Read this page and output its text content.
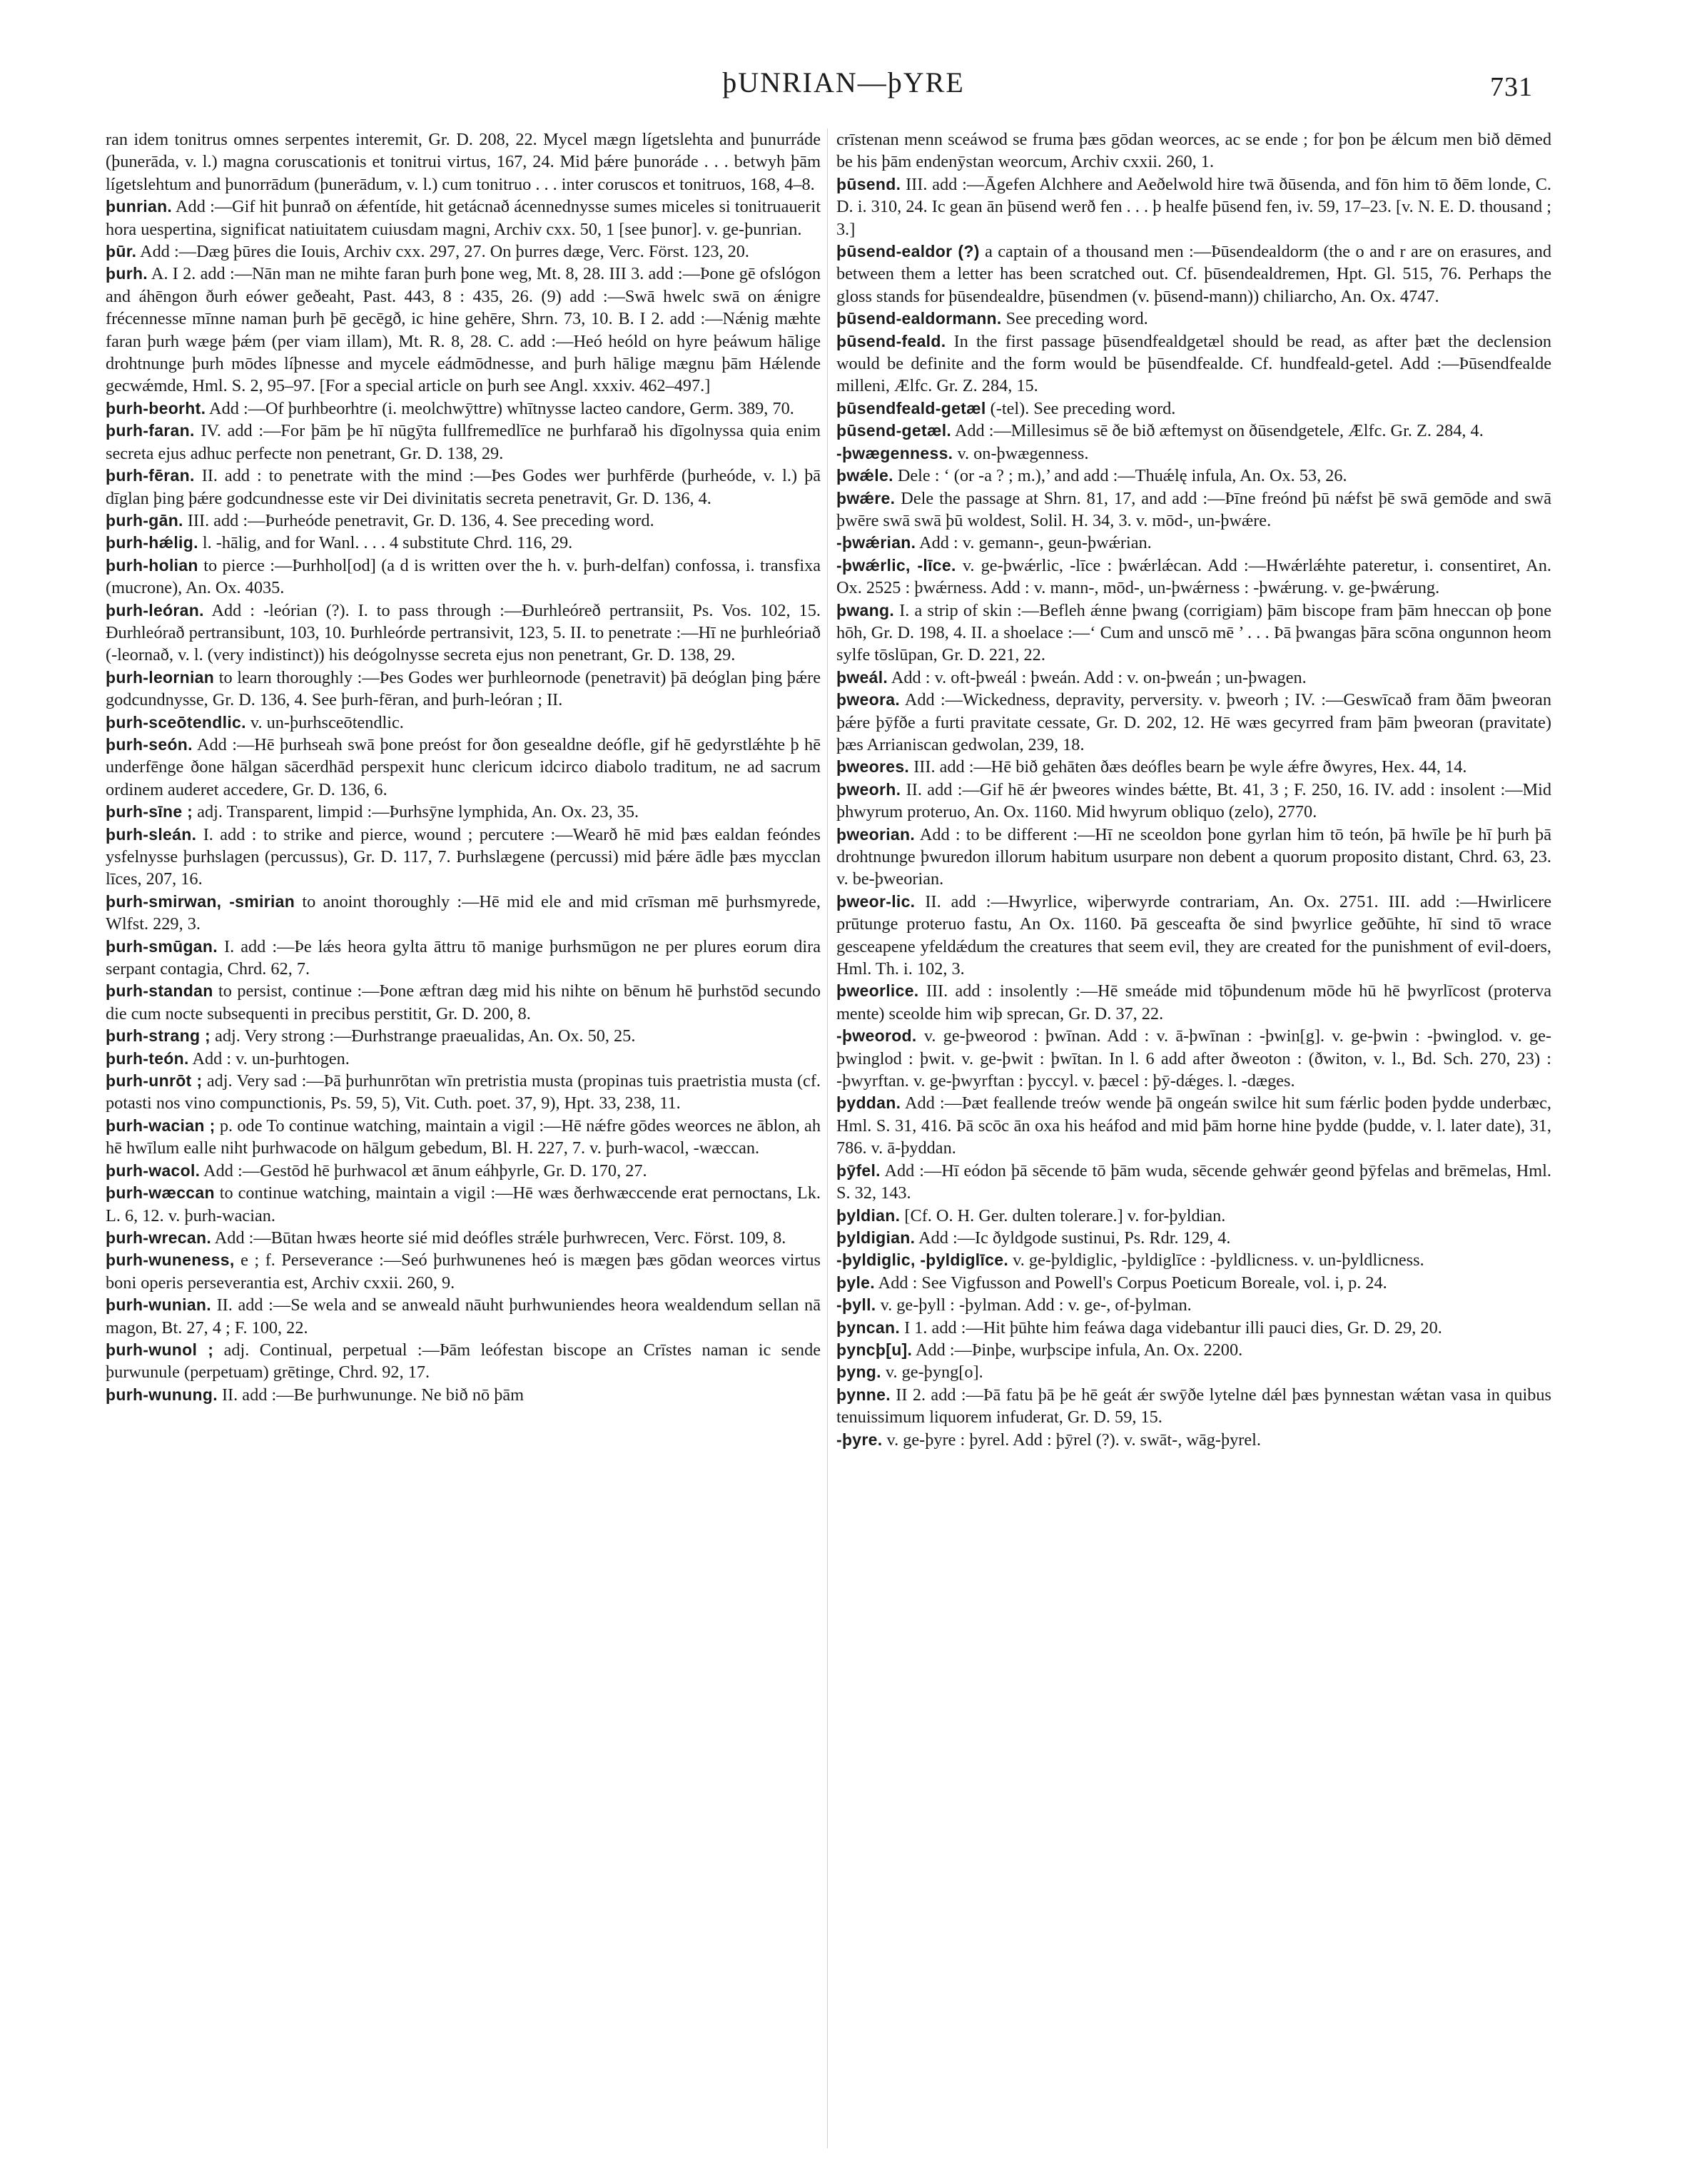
þUNRIAN—þYRE	731

ran idem tonitrus omnes serpentes interemit, Gr. D. 208, 22. Mycel mægn lígetslehta and þunurráde (þunerāda, v. l.) magna coruscationis et tonitrui virtus, 167, 24. Mid þǽre þunoráde . . . betwyh þām lígetslehtum and þunorrādum (þunerādum, v. l.) cum tonitruo . . . inter coruscos et tonitruos, 168, 4–8.

þunrian. Add :—Gif hit þunrað on ǽfentíde, hit getácnað ácennednysse sumes miceles si tonitruauerit hora uespertina, significat natiuitatem cuiusdam magni, Archiv cxx. 50, 1 [see þunor]. v. ge-þunrian.

þūr. Add :—Dæg þūres die Iouis, Archiv cxx. 297, 27. On þurres dæge, Verc. Först. 123, 20.

þurh. A. I 2. add :—Nān man ne mihte faran þurh þone weg, Mt. 8, 28. III 3. add :—Þone gē ofslógon and áhēngon ðurh eówer geðeaht, Past. 443, 8 : 435, 26. (9) add :—Swā hwelc swā on ǽnigre frécennesse mīnne naman þurh þē gecēgð, ic hine gehēre, Shrn. 73, 10. B. I 2. add :—Nǽnig mæhte faran þurh wæge þǽm (per viam illam), Mt. R. 8, 28. C. add :—Heó heóld on hyre þeáwum hālige drohtnunge þurh mōdes líþnesse and mycele eádmōdnesse, and þurh hālige mægnu þām Hǽlende gecwǽmde, Hml. S. 2, 95–97. [For a special article on þurh see Angl. xxxiv. 462–497.]

þurh-beorht. Add :—Of þurhbeorhtre (i. meolchwȳttre) whītnysse lacteo candore, Germ. 389, 70.

þurh-faran. IV. add :—For þām þe hī nūgȳta fullfremedlīce ne þurhfarað his dīgolnyssa quia enim secreta ejus adhuc perfecte non penetrant, Gr. D. 138, 29.

þurh-fēran. II. add : to penetrate with the mind :—Þes Godes wer þurhfērde (þurheóde, v. l.) þā dīglan þing þǽre godcundnesse este vir Dei divinitatis secreta penetravit, Gr. D. 136, 4.

þurh-gān. III. add :—Þurheóde penetravit, Gr. D. 136, 4. See preceding word.

þurh-hǽlig. l. -hālig, and for Wanl. . . . 4 substitute Chrd. 116, 29.

þurh-holian to pierce :—Þurhhol[od] (a d is written over the h. v. þurh-delfan) confossa, i. transfixa (mucrone), An. Ox. 4035.

þurh-leóran. Add : -leórian (?). I. to pass through :—Ðurhleóreð pertransiit, Ps. Vos. 102, 15. Ðurhleórað pertransibunt, 103, 10. Þurhleórde pertransivit, 123, 5. II. to penetrate :—Hī ne þurhleóriað (-leornað, v. l. (very indistinct)) his deógolnysse secreta ejus non penetrant, Gr. D. 138, 29.

þurh-leornian to learn thoroughly :—Þes Godes wer þurhleornode (penetravit) þā deóglan þing þǽre godcundnysse, Gr. D. 136, 4. See þurh-fēran, and þurh-leóran ; II.

þurh-sceōtendlic. v. un-þurhsceōtendlic.

þurh-seón. Add :—Hē þurhseah swā þone preóst for ðon gesealdne deófle, gif hē gedyrstlǽhte þ hē underfēnge ðone hālgan sācerdhād perspexit hunc clericum idcirco diabolo traditum, ne ad sacrum ordinem auderet accedere, Gr. D. 136, 6.

þurh-sīne ; adj. Transparent, limpid :—Þurhsȳne lymphida, An. Ox. 23, 35.

þurh-sleán. I. add : to strike and pierce, wound ; percutere :—Wearð hē mid þæs ealdan feóndes ysfelnysse þurhslagen (percussus), Gr. D. 117, 7. Þurhslægene (percussi) mid þǽre ādle þæs mycclan līces, 207, 16.

þurh-smirwan, -smirian to anoint thoroughly :—Hē mid ele and mid crīsman mē þurhsmyrede, Wlfst. 229, 3.

þurh-smūgan. I. add :—Þe lǽs heora gylta āttru tō manige þurhsmūgon ne per plures eorum dira serpant contagia, Chrd. 62, 7.

þurh-standan to persist, continue :—Þone æftran dæg mid his nihte on bēnum hē þurhstōd secundo die cum nocte subsequenti in precibus perstitit, Gr. D. 200, 8.

þurh-strang ; adj. Very strong :—Ðurhstrange praeualidas, An. Ox. 50, 25.

þurh-teón. Add : v. un-þurhtogen.

þurh-unrōt ; adj. Very sad :—Þā þurhunrōtan wīn pretristia musta (propinas tuis praetristia musta (cf. potasti nos vino compunctionis, Ps. 59, 5), Vit. Cuth. poet. 37, 9), Hpt. 33, 238, 11.

þurh-wacian ; p. ode To continue watching, maintain a vigil :—Hē nǽfre gōdes weorces ne āblon, ah hē hwīlum ealle niht þurhwacode on hālgum gebedum, Bl. H. 227, 7. v. þurh-wacol, -wæccan.

þurh-wacol. Add :—Gestōd hē þurhwacol æt ānum eáhþyrle, Gr. D. 170, 27.

þurh-wæccan to continue watching, maintain a vigil :—Hē wæs ðerhwæccende erat pernoctans, Lk. L. 6, 12. v. þurh-wacian.

þurh-wrecan. Add :—Būtan hwæs heorte sié mid deófles strǽle þurhwrecen, Verc. Först. 109, 8.

þurh-wuneness, e ; f. Perseverance :—Seó þurhwunenes heó is mægen þæs gōdan weorces virtus boni operis perseverantia est, Archiv cxxii. 260, 9.

þurh-wunian. II. add :—Se wela and se anweald nāuht þurhwuniendes heora wealdendum sellan nā magon, Bt. 27, 4 ; F. 100, 22.

þurh-wunol ; adj. Continual, perpetual :—Þām leófestan biscope an Crīstes naman ic sende þurwunule (perpetuam) grētinge, Chrd. 92, 17.

þurh-wunung. II. add :—Be þurhwununge. Ne bið nō þām

crīstenan menn sceáwod se fruma þæs gōdan weorces, ac se ende ; for þon þe ǽlcum men bið dēmed be his þām endenȳstan weorcum, Archiv cxxii. 260, 1.

þūsend. III. add :—Āgefen Alchhere and Aeðelwold hire twā ðūsenda, and fōn him tō ðēm londe, C. D. i. 310, 24. Ic gean ān þūsend werð fen . . . þ healfe þūsend fen, iv. 59, 17–23. [v. N. E. D. thousand ; 3.]

þūsend-ealdor (?) a captain of a thousand men :—Þūsendealdorm (the o and r are on erasures, and between them a letter has been scratched out. Cf. þūsendealdremen, Hpt. Gl. 515, 76. Perhaps the gloss stands for þūsendealdre, þūsendmen (v. þūsend-mann)) chiliarcho, An. Ox. 4747.

þūsend-ealdormann. See preceding word.

þūsend-feald. In the first passage þūsendfealdgetæl should be read, as after þæt the declension would be definite and the form would be þūsendfealde. Cf. hundfeald-getel. Add :—Þūsendfealde milleni, Ælfc. Gr. Z. 284, 15.

þūsendfeald-getæl (-tel). See preceding word.

þūsend-getæl. Add :—Millesimus sē ðe bið æftemyst on ðūsendgetele, Ælfc. Gr. Z. 284, 4.

-þwægenness. v. on-þwægenness.

þwǽle. Dele : ‘ (or -a ? ; m.),’ and add :—Thuǽlę infula, An. Ox. 53, 26.

þwǽre. Dele the passage at Shrn. 81, 17, and add :—Þīne freónd þū nǽfst þē swā gemōde and swā þwēre swā swā þū woldest, Solil. H. 34, 3. v. mōd-, un-þwǽre.

-þwǽrian. Add : v. gemann-, geun-þwǽrian.

-þwǽrlic, -līce. v. ge-þwǽrlic, -līce : þwǽrlǽcan. Add :—Hwǽrlǽhte pateretur, i. consentiret, An. Ox. 2525 : þwǽrness. Add : v. mann-, mōd-, un-þwǽrness : -þwǽrung. v. ge-þwǽrung.

þwang. I. a strip of skin :—Befleh ǽnne þwang (corrigiam) þām biscope fram þām hneccan oþ þone hōh, Gr. D. 198, 4. II. a shoelace :—‘ Cum and unscō mē ’ . . . Þā þwangas þāra scōna ongunnon heom sylfe tōslūpan, Gr. D. 221, 22.

þweál. Add : v. oft-þweál : þweán. Add : v. on-þweán ; un-þwagen.

þweora. Add :—Wickedness, depravity, perversity. v. þweorh ; IV. :—Geswīcað fram ðām þweoran þǽre þȳfðe a furti pravitate cessate, Gr. D. 202, 12. Hē wæs gecyrred fram þām þweoran (pravitate) þæs Arrianiscan gedwolan, 239, 18.

þweores. III. add :—Hē bið gehāten ðæs deófles bearn þe wyle ǽfre ðwyres, Hex. 44, 14.

þweorh. II. add :—Gif hē ǽr þweores windes bǽtte, Bt. 41, 3 ; F. 250, 16. IV. add : insolent :—Mid þhwyrum proteruo, An. Ox. 1160. Mid hwyrum obliquo (zelo), 2770.

þweorian. Add : to be different :—Hī ne sceoldon þone gyrlan him tō teón, þā hwīle þe hī þurh þā drohtnunge þwuredon illorum habitum usurpare non debent a quorum proposito distant, Chrd. 63, 23. v. be-þweorian.

þweor-lic. II. add :—Hwyrlice, wiþerwyrde contrariam, An. Ox. 2751. III. add :—Hwirlicere prūtunge proteruo fastu, An Ox. 1160. Þā gesceafta ðe sind þwyrlice geðūhte, hī sind tō wrace gesceapene yfeldǽdum the creatures that seem evil, they are created for the punishment of evil-doers, Hml. Th. i. 102, 3.

þweorlice. III. add : insolently :—Hē smeáde mid tōþundenum mōde hū hē þwyrlīcost (proterva mente) sceolde him wiþ sprecan, Gr. D. 37, 22.

-þweorod. v. ge-þweorod : þwīnan. Add : v. ā-þwīnan : -þwin[g]. v. ge-þwin : -þwinglod. v. ge-þwinglod : þwit. v. ge-þwit : þwītan. In l. 6 add after ðweoton : (ðwiton, v. l., Bd. Sch. 270, 23) : -þwyrftan. v. ge-þwyrftan : þyccyl. v. þæcel : þȳ-dǽges. l. -dæges.

þyddan. Add :—Þæt feallende treów wende þā ongeán swilce hit sum fǽrlic þoden þydde underbæc, Hml. S. 31, 416. Þā scōc ān oxa his heáfod and mid þām horne hine þydde (þudde, v. l. later date), 31, 786. v. ā-þyddan.

þȳfel. Add :—Hī eódon þā sēcende tō þām wuda, sēcende gehwǽr geond þȳfelas and brēmelas, Hml. S. 32, 143.

þyldian. [Cf. O. H. Ger. dulten tolerare.] v. for-þyldian.

þyldigian. Add :—Ic ðyldgode sustinui, Ps. Rdr. 129, 4.

-þyldiglic, -þyldiglīce. v. ge-þyldiglic, -þyldiglīce : -þyldlicness. v. un-þyldlicness.

þyle. Add : See Vigfusson and Powell's Corpus Poeticum Boreale, vol. i, p. 24.

-þyll. v. ge-þyll : -þylman. Add : v. ge-, of-þylman.

þyncan. I 1. add :—Hit þūhte him feáwa daga videbantur illi pauci dies, Gr. D. 29, 20.

þyncþ[u]. Add :—Þinþe, wurþscipe infula, An. Ox. 2200.

þyng. v. ge-þyng[o].

þynne. II 2. add :—Þā fatu þā þe hē geát ǽr swȳðe lytelne dǽl þæs þynnestan wǽtan vasa in quibus tenuissimum liquorem infuderat, Gr. D. 59, 15.

-þyre. v. ge-þyre : þyrel. Add : þȳrel (?). v. swāt-, wāg-þyrel.
